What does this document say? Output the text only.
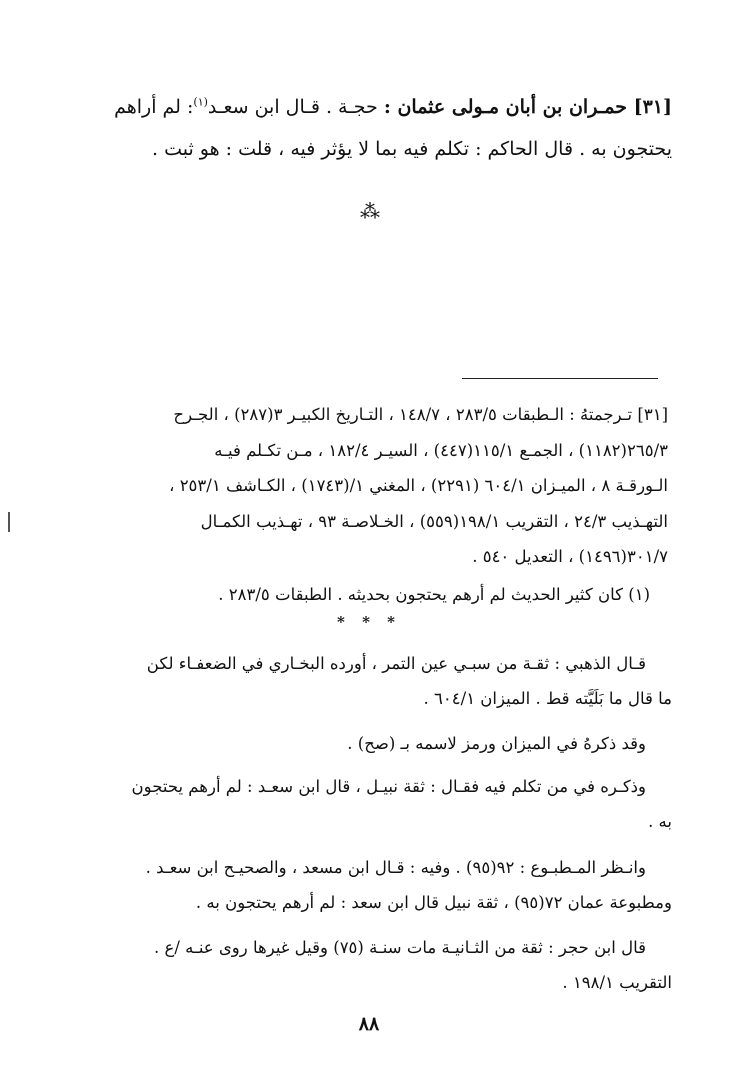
[٣١] حمـران بن أبان مـولى عثمان : حجـة . قـال ابن سعـد$^{(١)}$: لم أراهم
يحتجون به . قال الحاكم : تكلم فيه بما لا يؤثر فيه ، قلت : هو ثبت .
⁂
[٣١] تـرجمتهُ : الـطبقات ٢٨٣/٥ ، ١٤٨/٧ ، التـاريخ الكبيـر ٣(٢٨٧) ، الجـرح
٢٦٥/٣(١١٨٢) ، الجمـع ١١٥/١(٤٤٧) ، السيـر ١٨٢/٤ ، مـن تكـلم فيـه
الـورقـة ٨ ، الميـزان ٦٠٤/١ (٢٢٩١) ، المغني ١/(١٧٤٣) ، الكـاشف ٢٥٣/١ ،
التهـذيب ٢٤/٣ ، التقريب ١٩٨/١(٥٥٩) ، الخـلاصـة ٩٣ ، تهـذيب الكمـال
٣٠١/٧(١٤٩٦) ، التعديل ٥٤٠ .
(١) كان كثير الحديث لم أرهم يحتجون بحديثه . الطبقات ٢٨٣/٥ .
* * *
قـال الذهبي : ثقـة من سبـي عين التمر ، أورده البخـاري في الضعفـاء لكن
ما قال ما بَلَيَّته قط . الميزان ٦٠٤/١ .
وقد ذكرهُ في الميزان ورمز لاسمه بـ (صح) .
وذكـره في من تكلم فيه فقـال : ثقة نبيـل ، قال ابن سعـد : لم أرهم يحتجون
به .
وانـظر المـطبـوع : ٩٢(٩٥) . وفيه : قـال ابن مسعد ، والصحيـح ابن سعـد .
ومطبوعة عمان ٧٢(٩٥) ، ثقة نبيل قال ابن سعد : لم أرهم يحتجون به .
قال ابن حجر : ثقة من الثـانيـة مات سنـة (٧٥) وقيل غيرها روى عنـه /ع .
التقريب ١٩٨/١ .
٨٨
